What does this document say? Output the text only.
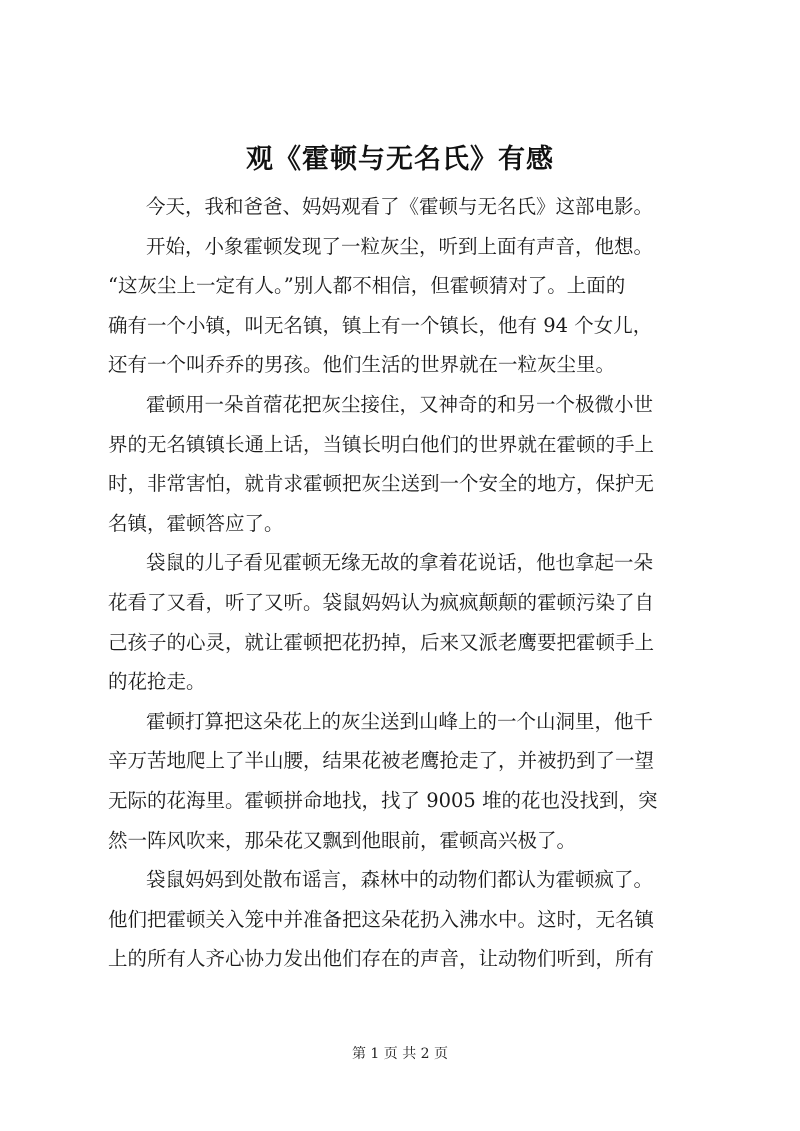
观《霍顿与无名氏》有感
今天，我和爸爸、妈妈观看了《霍顿与无名氏》这部电影。
开始，小象霍顿发现了一粒灰尘，听到上面有声音，他想。
“这灰尘上一定有人。”别人都不相信，但霍顿猜对了。上面的
确有一个小镇，叫无名镇，镇上有一个镇长，他有 94 个女儿，
还有一个叫乔乔的男孩。他们生活的世界就在一粒灰尘里。
霍顿用一朵首蓿花把灰尘接住，又神奇的和另一个极微小世
界的无名镇镇长通上话，当镇长明白他们的世界就在霍顿的手上
时，非常害怕，就肯求霍顿把灰尘送到一个安全的地方，保护无
名镇，霍顿答应了。
袋鼠的儿子看见霍顿无缘无故的拿着花说话，他也拿起一朵
花看了又看，听了又听。袋鼠妈妈认为疯疯颠颠的霍顿污染了自
己孩子的心灵，就让霍顿把花扔掉，后来又派老鹰要把霍顿手上
的花抢走。
霍顿打算把这朵花上的灰尘送到山峰上的一个山洞里，他千
辛万苦地爬上了半山腰，结果花被老鹰抢走了，并被扔到了一望
无际的花海里。霍顿拼命地找，找了 9005 堆的花也没找到，突
然一阵风吹来，那朵花又飘到他眼前，霍顿高兴极了。
袋鼠妈妈到处散布谣言，森林中的动物们都认为霍顿疯了。
他们把霍顿关入笼中并准备把这朵花扔入沸水中。这时，无名镇
上的所有人齐心协力发出他们存在的声音，让动物们听到，所有
第 1 页 共 2 页
